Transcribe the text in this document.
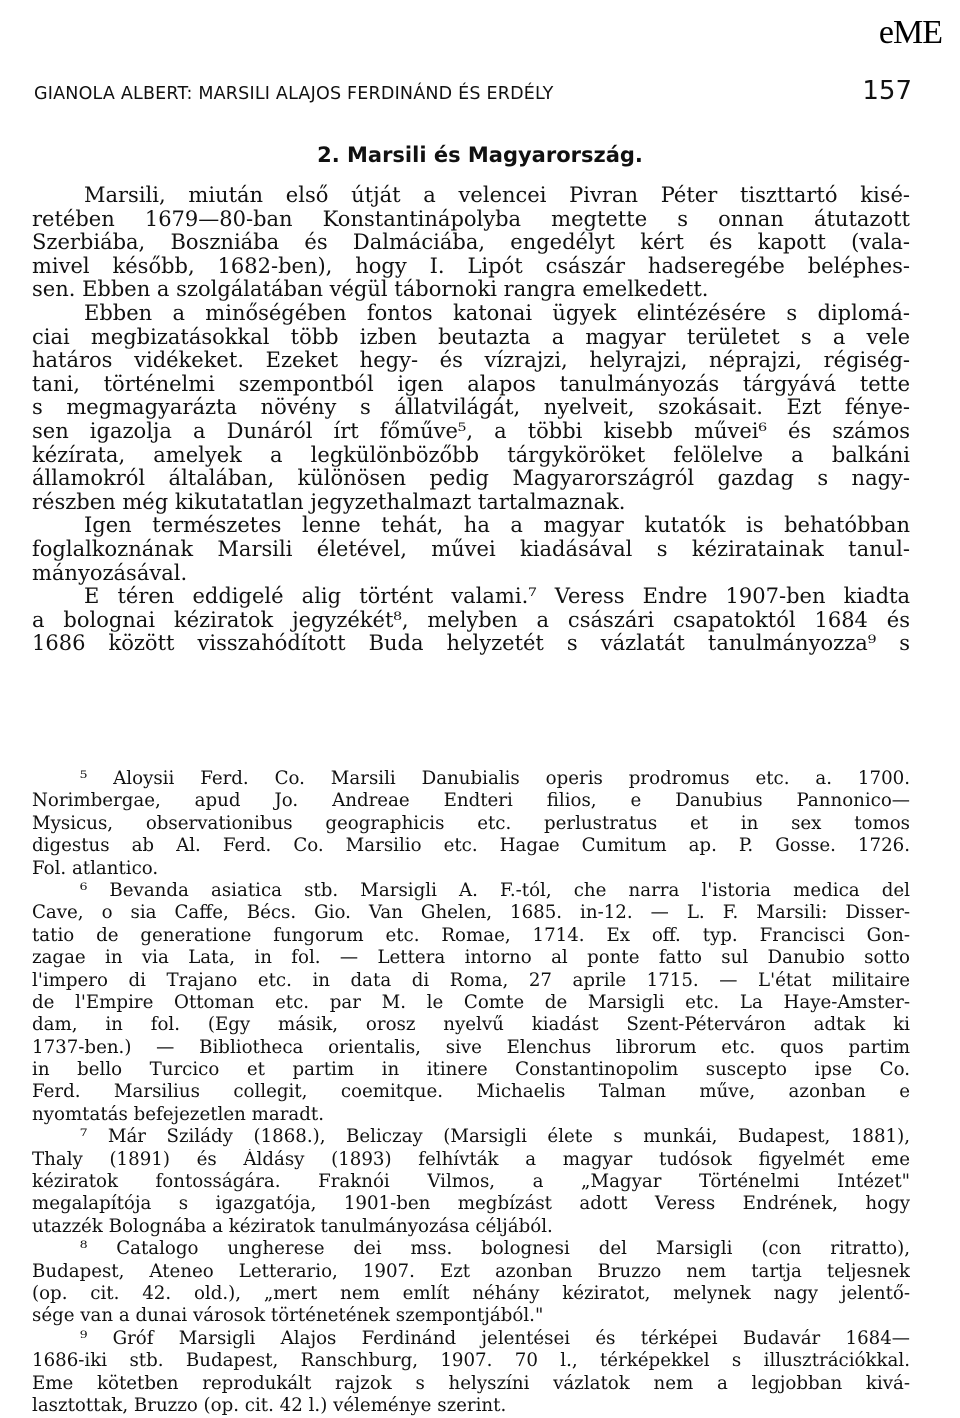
eME
GIANOLA ALBERT: MARSILI ALAJOS FERDINÁND ÉS ERDÉLY	157
2. Marsili és Magyarország.
Marsili, miután első útját a velencei Pivran Péter tiszttartó kisé-
retében 1679—80-ban Konstantinápolyba megtette s onnan átutazott
Szerbiába, Boszniába és Dalmáciába, engedélyt kért és kapott (vala-
mivel később, 1682-ben), hogy I. Lipót császár hadseregébe beléphes-
sen. Ebben a szolgálatában végül tábornoki rangra emelkedett.
Ebben a minőségében fontos katonai ügyek elintézésére s diplomá-
ciai megbizatásokkal több izben beutazta a magyar területet s a vele
határos vidékeket. Ezeket hegy- és vízrajzi, helyrajzi, néprajzi, régiség-
tani, történelmi szempontból igen alapos tanulmányozás tárgyává tette
s megmagyarázta növény s állatvilágát, nyelveit, szokásait. Ezt fénye-
sen igazolja a Dunáról írt főműve⁵, a többi kisebb művei⁶ és számos
kézírata, amelyek a legkülönbözőbb tárgyköröket felölelve a balkáni
államokról általában, különösen pedig Magyarországról gazdag s nagy-
részben még kikutatatlan jegyzethalmazt tartalmaznak.
Igen természetes lenne tehát, ha a magyar kutatók is behatóbban
foglalkoznának Marsili életével, művei kiadásával s kéziratainak tanul-
mányozásával.
E téren eddigelé alig történt valami.⁷ Veress Endre 1907-ben kiadta
a bolognai kéziratok jegyzékét⁸, melyben a császári csapatoktól 1684 és
1686 között visszahódított Buda helyzetét s vázlatát tanulmányozza⁹ s
⁵ Aloysii Ferd. Co. Marsili Danubialis operis prodromus etc. a. 1700.
Norimbergae, apud Jo. Andreae Endteri filios, e Danubius Pannonico—
Mysicus, observationibus geographicis etc. perlustratus et in sex tomos
digestus ab Al. Ferd. Co. Marsilio etc. Hagae Cumitum ap. P. Gosse. 1726.
Fol. atlantico.
⁶ Bevanda asiatica stb. Marsigli A. F.-tól, che narra l'istoria medica del
Cave, o sia Caffe, Bécs. Gio. Van Ghelen, 1685. in-12. — L. F. Marsili: Disser-
tatio de generatione fungorum etc. Romae, 1714. Ex off. typ. Francisci Gon-
zagae in via Lata, in fol. — Lettera intorno al ponte fatto sul Danubio sotto
l'impero di Trajano etc. in data di Roma, 27 aprile 1715. — L'état militaire
de l'Empire Ottoman etc. par M. le Comte de Marsigli etc. La Haye-Amster-
dam, in fol. (Egy másik, orosz nyelvű kiadást Szent-Péterváron adtak ki
1737-ben.) — Bibliotheca orientalis, sive Elenchus librorum etc. quos partim
in bello Turcico et partim in itinere Constantinopolim suscepto ipse Co.
Ferd. Marsilius collegit, coemitque. Michaelis Talman műve, azonban e
nyomtatás befejezetlen maradt.
⁷ Már Szilády (1868.), Beliczay (Marsigli élete s munkái, Budapest, 1881),
Thaly (1891) és Áldásy (1893) felhívták a magyar tudósok figyelmét eme
kéziratok fontosságára. Fraknói Vilmos, a „Magyar Történelmi Intézet"
megalapítója s igazgatója, 1901-ben megbízást adott Veress Endrének, hogy
utazzék Bolognába a kéziratok tanulmányozása céljából.
⁸ Catalogo ungherese dei mss. bolognesi del Marsigli (con ritratto),
Budapest, Ateneo Letterario, 1907. Ezt azonban Bruzzo nem tartja teljesnek
(op. cit. 42. old.), „mert nem említ néhány kéziratot, melynek nagy jelentő-
sége van a dunai városok történetének szempontjából."
⁹ Gróf Marsigli Alajos Ferdinánd jelentései és térképei Budavár 1684—
1686-iki stb. Budapest, Ranschburg, 1907. 70 l., térképekkel s illusztrációkkal.
Eme kötetben reprodukált rajzok s helyszíni vázlatok nem a legjobban kivá-
lasztottak, Bruzzo (op. cit. 42 l.) véleménye szerint.
